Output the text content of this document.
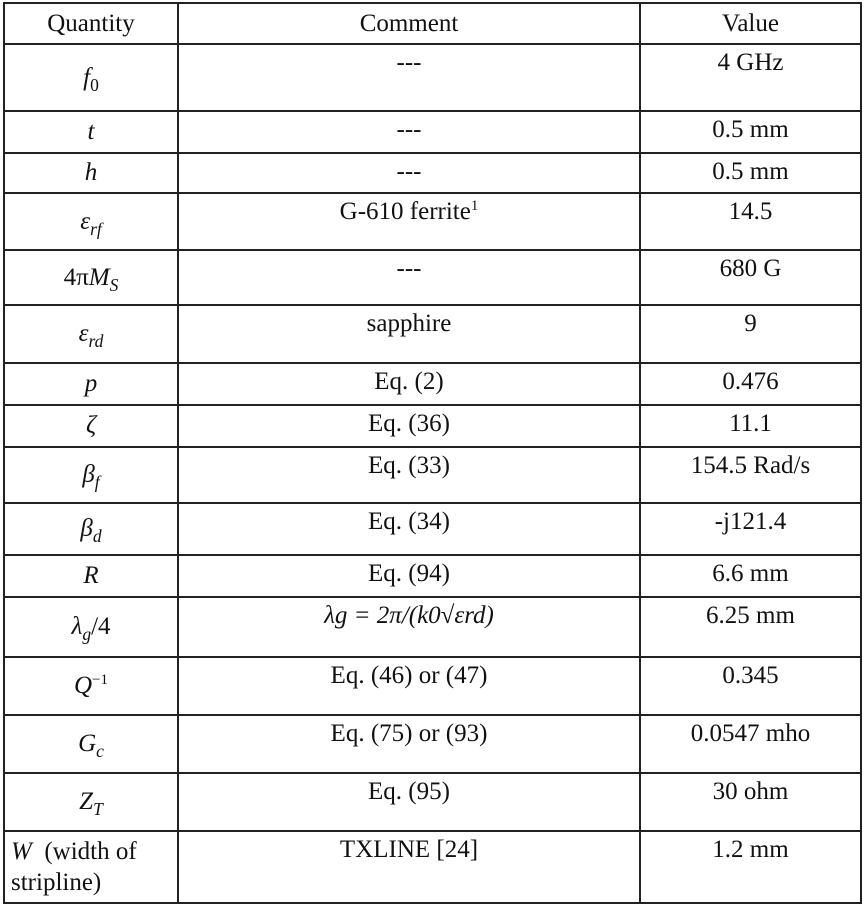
Quantity	Comment	Value
$f_0$	---	4 GHz
t	---	0.5 mm
h	---	0.5 mm
$\varepsilon_{rf}$	G-610 ferrite$^1$	14.5
$4\pi M_S$	---	680 G
$\varepsilon_{rd}$	sapphire	9
p	Eq. (2)	0.476
ζ	Eq. (36)	11.1
$\beta_f$	Eq. (33)	154.5 Rad/s
$\beta_d$	Eq. (34)	-j121.4
R	Eq. (94)	6.6 mm
$\lambda_g/4$	λg = 2π/(k0√εrd)	6.25 mm
$Q^{-1}$	Eq. (46) or (47)	0.345
$G_c$	Eq. (75) or (93)	0.0547 mho
$Z_T$	Eq. (95)	30 ohm
W (width of stripline)	TXLINE [24]	1.2 mm
